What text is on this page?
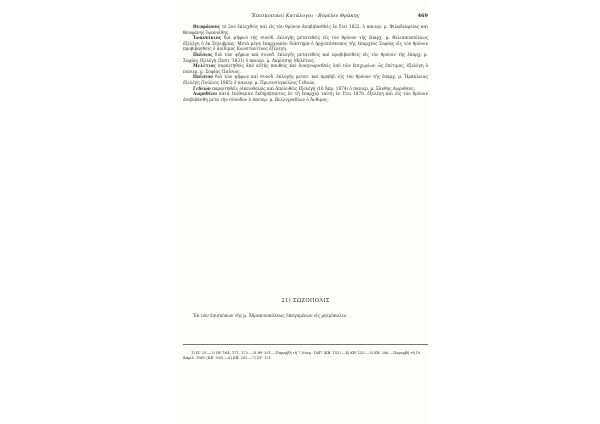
Ἐπισκοπικοὶ Κατάλογοι · Βορείου Θράκης	469

Θεοφάνους τὸ 2ον ἐκλεχθεὶς καὶ εἰς τὸν θρόνον ἀναβιβασθεὶς ἐν ἔτει 1822, ὁ πανιερ. μ. Φιλαδελφείας καὶ Θεοφάνης Ἰωαννίδης.

Ἰωαννίκιος διὰ ψήφων τῆς συνοδ. ἐκλογῆς μετατεθεὶς εἰς τὸν θρόνον τῆς ἐπαρχ. μ. Φιλιππουπόλεως ἐξελέγη ὁ ἐκ Σηλυβρίας. Μετὰ μέγα ἐπαρχιακὸν διάστημα ὁ ἀρχιεπίσκοπος τῆς ἐπαρχίας Σοφίας εἰς τὸν θρόνον προβιβασθεὶς ὁ ἀοίδιμος Κωνσταντῖνος ἐξελέγη.

Παΐσιος διὰ τῶν ψήφων καὶ συνοδ. ἐκλογῆς μετατεθεὶς καὶ προβιβασθεὶς εἰς τὸν θρόνον τῆς ἐπαρχ. μ. Σοφίας ἐξελέγη (Σεπτ. 1831) ὁ πανιερ. μ. Λαρίσσης Μελέτιος.

Μελέτιος παραιτηθεὶς ἀπὸ αὐτῆς παυθεὶς καὶ ἀναγνωρισθεὶς ὑπὸ τῶν ἐπιχωρίων ὡς ἐπίτιμος, ἐξελέγη ὁ πανιερ. μ. Σοφίας Παΐσιος.

Παΐσιον διὰ τῶν ψήφων καὶ συνοδ. ἐκλογῆς μετατ. καὶ προβιβ. εἰς τὸν θρόνον τῆς ἐπαρχ. μ. Ἠράκλειας ἐξελέγη (Ἰούλιος 1865) ὁ πανιερ. μ. Πρωτοσύγκελλος Γεδεών.

Γεδεών παραιτηθεὶς οἰκειοθελῶς καὶ ἀπολυθεὶς ἐξελέγη (10 Ἀπρ. 1874) ὁ πανιερ. μ. Ξάνθης Δωρόθεος.

Δωροθέου κατὰ ἐπιθυμίαν ἐκδημήσαντος ἐν τῇ ἐπαρχίᾳ ταύτῃ ἐν ἔτει 1878, ἐξελέγη καὶ εἰς τὸν θρόνον ἀνεβιβάσθη μετὰ τὴν σύνοδον ὁ πανιερ. μ. Βελλιγραδίων ὁ Ἀνθιμος.

21) ΣΩΖΟΠΟΛΙΣ
Ἐκ τῶν ἐπισκόπων τῆς μ. Ἀδριανουπόλεως ὑπαγομένων εἰς μητρόπολιν.

1) ΙΣ' 25.—2) ΙΗ' 164, 171, 172.—3) ΙΘ' 201.—Παρεμβῆ τῆ 7 Νοεμ. 1847 (ΚΒ' 152).—4) ΚΒ' 153.—5) ΚΒ' 206.—Παρεμβῆ τῆ 19 Ἀπριλ. 1861 (ΚΒ' 205).—6) ΚΒ' 201.—7) ΣΓ' 121.
